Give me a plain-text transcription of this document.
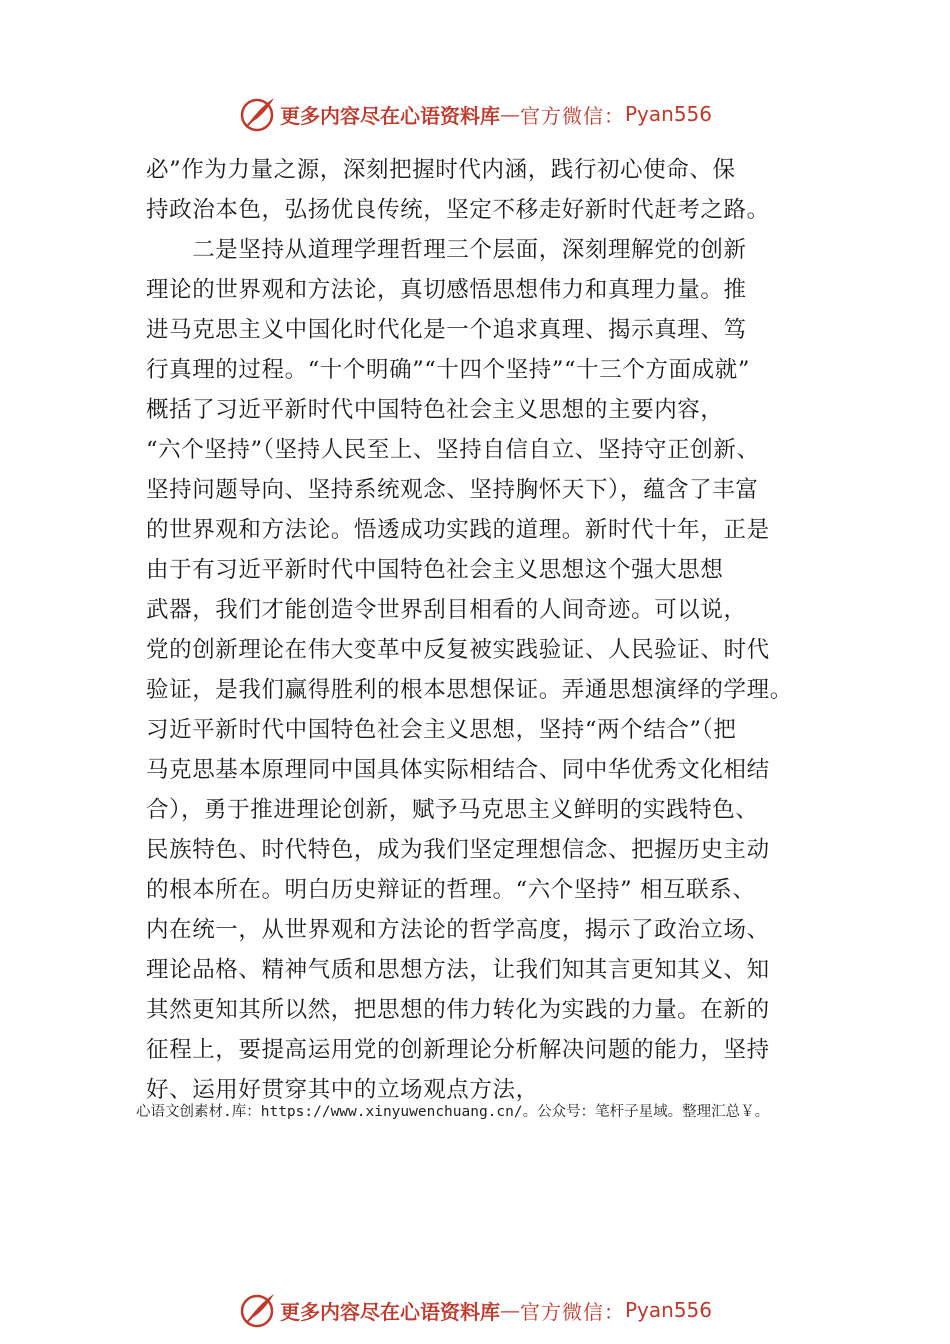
更多内容尽在心语资料库 — 官方微信： Pyan556
必”作为力量之源，深刻把握时代内涵，践行初心使命、保
持政治本色，弘扬优良传统，坚定不移走好新时代赶考之路。
　　二是坚持从道理学理哲理三个层面，深刻理解党的创新
理论的世界观和方法论，真切感悟思想伟力和真理力量。推
进马克思主义中国化时代化是一个追求真理、揭示真理、笃
行真理的过程。“十个明确”“十四个坚持”“十三个方面成就”
概括了习近平新时代中国特色社会主义思想的主要内容，
“六个坚持”（坚持人民至上、坚持自信自立、坚持守正创新、
坚持问题导向、坚持系统观念、坚持胸怀天下），蕴含了丰富
的世界观和方法论。悟透成功实践的道理。新时代十年，正是
由于有习近平新时代中国特色社会主义思想这个强大思想
武器，我们才能创造令世界刮目相看的人间奇迹。可以说，
党的创新理论在伟大变革中反复被实践验证、人民验证、时代
验证，是我们赢得胜利的根本思想保证。弄通思想演绎的学理。
习近平新时代中国特色社会主义思想，坚持“两个结合”（把
马克思基本原理同中国具体实际相结合、同中华优秀文化相结
合），勇于推进理论创新，赋予马克思主义鲜明的实践特色、
民族特色、时代特色，成为我们坚定理想信念、把握历史主动
的根本所在。明白历史辩证的哲理。“六个坚持” 相互联系、
内在统一，从世界观和方法论的哲学高度，揭示了政治立场、
理论品格、精神气质和思想方法，让我们知其言更知其义、知
其然更知其所以然，把思想的伟力转化为实践的力量。在新的
征程上，要提高运用党的创新理论分析解决问题的能力，坚持
好、运用好贯穿其中的立场观点方法，
心语文创素材.库：https://www.xinyuwenchuang.cn/。公众号：笔杆子星域。整理汇总￥。
更多内容尽在心语资料库 — 官方微信： Pyan556
